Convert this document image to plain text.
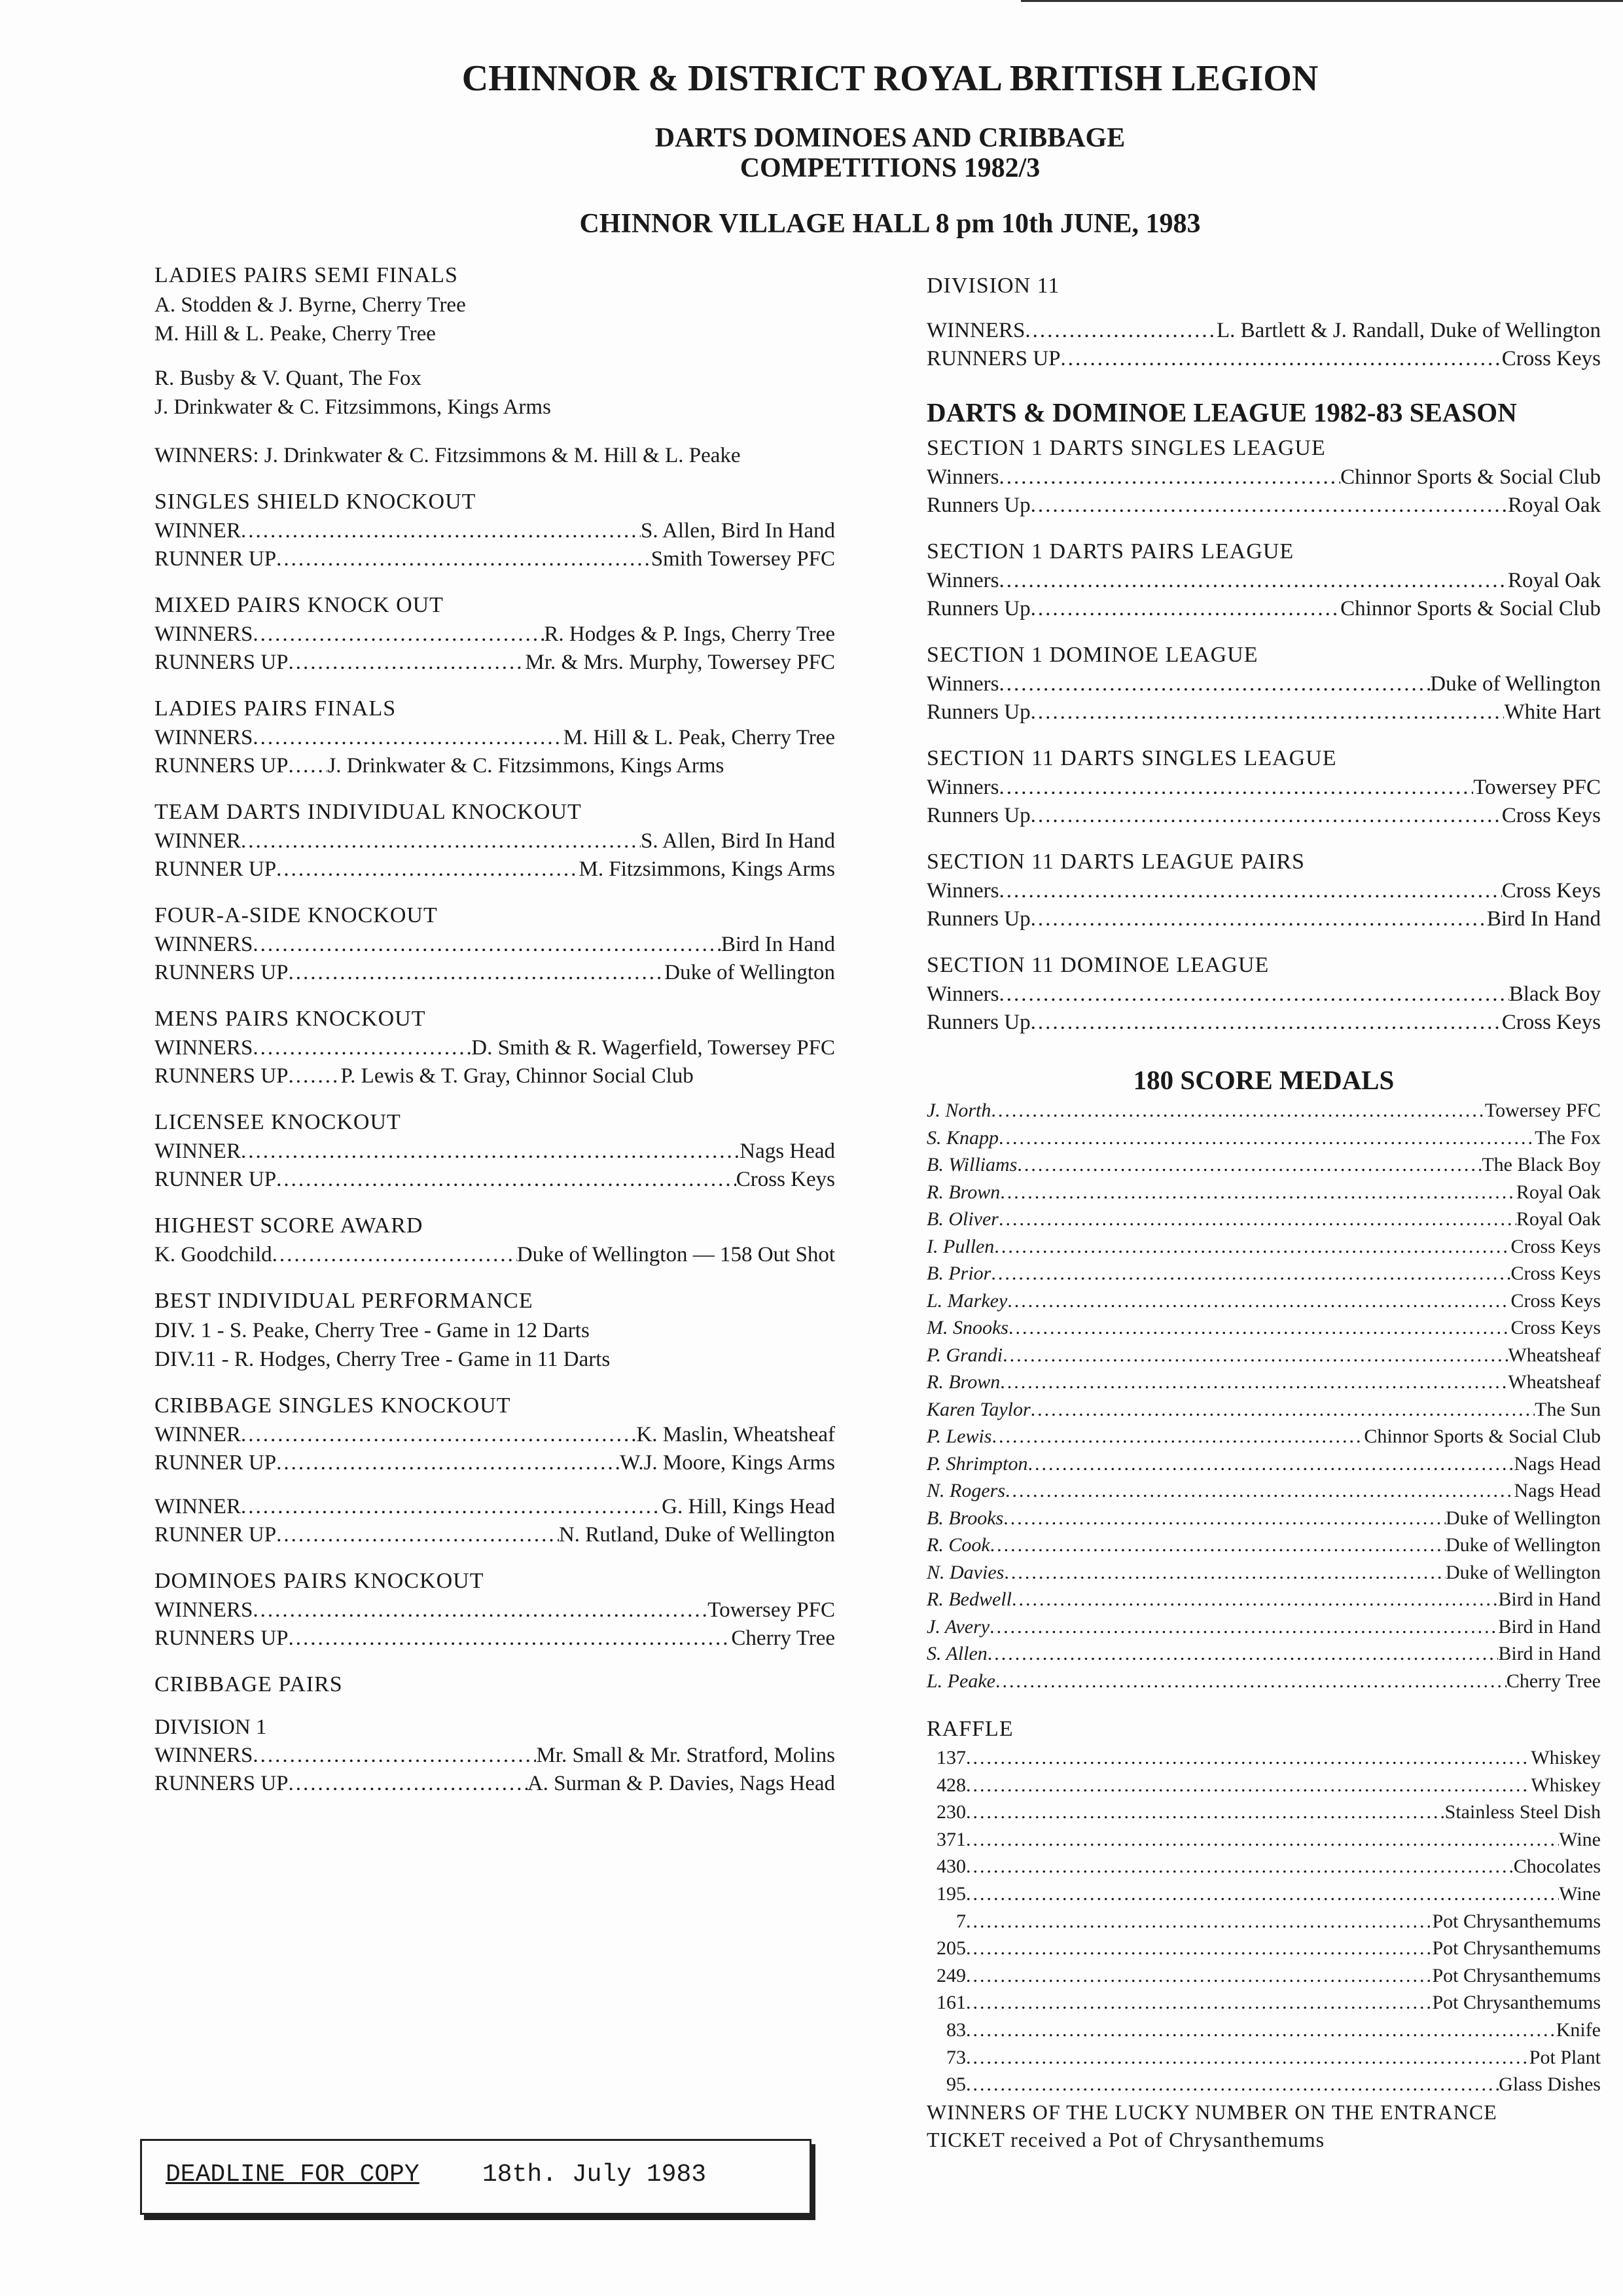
CHINNOR & DISTRICT ROYAL BRITISH LEGION
DARTS DOMINOES AND CRIBBAGE
COMPETITIONS 1982/3
CHINNOR VILLAGE HALL 8 pm 10th JUNE, 1983
LADIES PAIRS SEMI FINALS
A. Stodden & J. Byrne, Cherry Tree
M. Hill & L. Peake, Cherry Tree
R. Busby & V. Quant, The Fox
J. Drinkwater & C. Fitzsimmons, Kings Arms
WINNERS: J. Drinkwater & C. Fitzsimmons & M. Hill & L. Peake
SINGLES SHIELD KNOCKOUT
WINNER .....	S. Allen, Bird In Hand
RUNNER UP .....	Smith Towersey PFC
MIXED PAIRS KNOCK OUT
WINNERS .....	R. Hodges & P. Ings, Cherry Tree
RUNNERS UP .....	Mr. & Mrs. Murphy, Towersey PFC
LADIES PAIRS FINALS
WINNERS .....	M. Hill & L. Peak, Cherry Tree
RUNNERS UP ..... J. Drinkwater & C. Fitzsimmons, Kings Arms
TEAM DARTS INDIVIDUAL KNOCKOUT
WINNER .....	S. Allen, Bird In Hand
RUNNER UP .....	M. Fitzsimmons, Kings Arms
FOUR-A-SIDE KNOCKOUT
WINNERS .....	Bird In Hand
RUNNERS UP .....	Duke of Wellington
MENS PAIRS KNOCKOUT
WINNERS .....	D. Smith & R. Wagerfield, Towersey PFC
RUNNERS UP ..... P. Lewis & T. Gray, Chinnor Social Club
LICENSEE KNOCKOUT
WINNER .....	Nags Head
RUNNER UP .....	Cross Keys
HIGHEST SCORE AWARD
K. Goodchild .....	Duke of Wellington — 158 Out Shot
BEST INDIVIDUAL PERFORMANCE
DIV. 1 - S. Peake, Cherry Tree - Game in 12 Darts
DIV.11 - R. Hodges, Cherry Tree - Game in 11 Darts
CRIBBAGE SINGLES KNOCKOUT
WINNER .....	K. Maslin, Wheatsheaf
RUNNER UP .....	W.J. Moore, Kings Arms
WINNER .....	G. Hill, Kings Head
RUNNER UP .....	N. Rutland, Duke of Wellington
DOMINOES PAIRS KNOCKOUT
WINNERS .....	Towersey PFC
RUNNERS UP .....	Cherry Tree
CRIBBAGE PAIRS
DIVISION 1
WINNERS .....	Mr. Small & Mr. Stratford, Molins
RUNNERS UP .....	A. Surman & P. Davies, Nags Head
DIVISION 11
WINNERS .....	L. Bartlett & J. Randall, Duke of Wellington
RUNNERS UP .....	Cross Keys
DARTS & DOMINOE LEAGUE 1982-83 SEASON
SECTION 1 DARTS SINGLES LEAGUE
Winners .....	Chinnor Sports & Social Club
Runners Up .....	Royal Oak
SECTION 1 DARTS PAIRS LEAGUE
Winners .....	Royal Oak
Runners Up .....	Chinnor Sports & Social Club
SECTION 1 DOMINOE LEAGUE
Winners .....	Duke of Wellington
Runners Up .....	White Hart
SECTION 11 DARTS SINGLES LEAGUE
Winners .....	Towersey PFC
Runners Up .....	Cross Keys
SECTION 11 DARTS LEAGUE PAIRS
Winners .....	Cross Keys
Runners Up .....	Bird In Hand
SECTION 11 DOMINOE LEAGUE
Winners .....	Black Boy
Runners Up .....	Cross Keys
180 SCORE MEDALS
J. North .....	Towersey PFC
S. Knapp .....	The Fox
B. Williams .....	The Black Boy
R. Brown .....	Royal Oak
B. Oliver .....	Royal Oak
I. Pullen .....	Cross Keys
B. Prior .....	Cross Keys
L. Markey .....	Cross Keys
M. Snooks .....	Cross Keys
P. Grandi .....	Wheatsheaf
R. Brown .....	Wheatsheaf
Karen Taylor .....	The Sun
P. Lewis .....	Chinnor Sports & Social Club
P. Shrimpton .....	Nags Head
N. Rogers .....	Nags Head
B. Brooks .....	Duke of Wellington
R. Cook .....	Duke of Wellington
N. Davies .....	Duke of Wellington
R. Bedwell .....	Bird in Hand
J. Avery .....	Bird in Hand
S. Allen .....	Bird in Hand
L. Peake .....	Cherry Tree
RAFFLE
137 .....	Whiskey
428 .....	Whiskey
230 .....	Stainless Steel Dish
371 .....	Wine
430 .....	Chocolates
195 .....	Wine
7 .....	Pot Chrysanthemums
205 .....	Pot Chrysanthemums
249 .....	Pot Chrysanthemums
161 .....	Pot Chrysanthemums
83 .....	Knife
73 .....	Pot Plant
95 .....	Glass Dishes
WINNERS OF THE LUCKY NUMBER ON THE ENTRANCE
TICKET received a Pot of Chrysanthemums
DEADLINE FOR COPY	18th. July 1983
